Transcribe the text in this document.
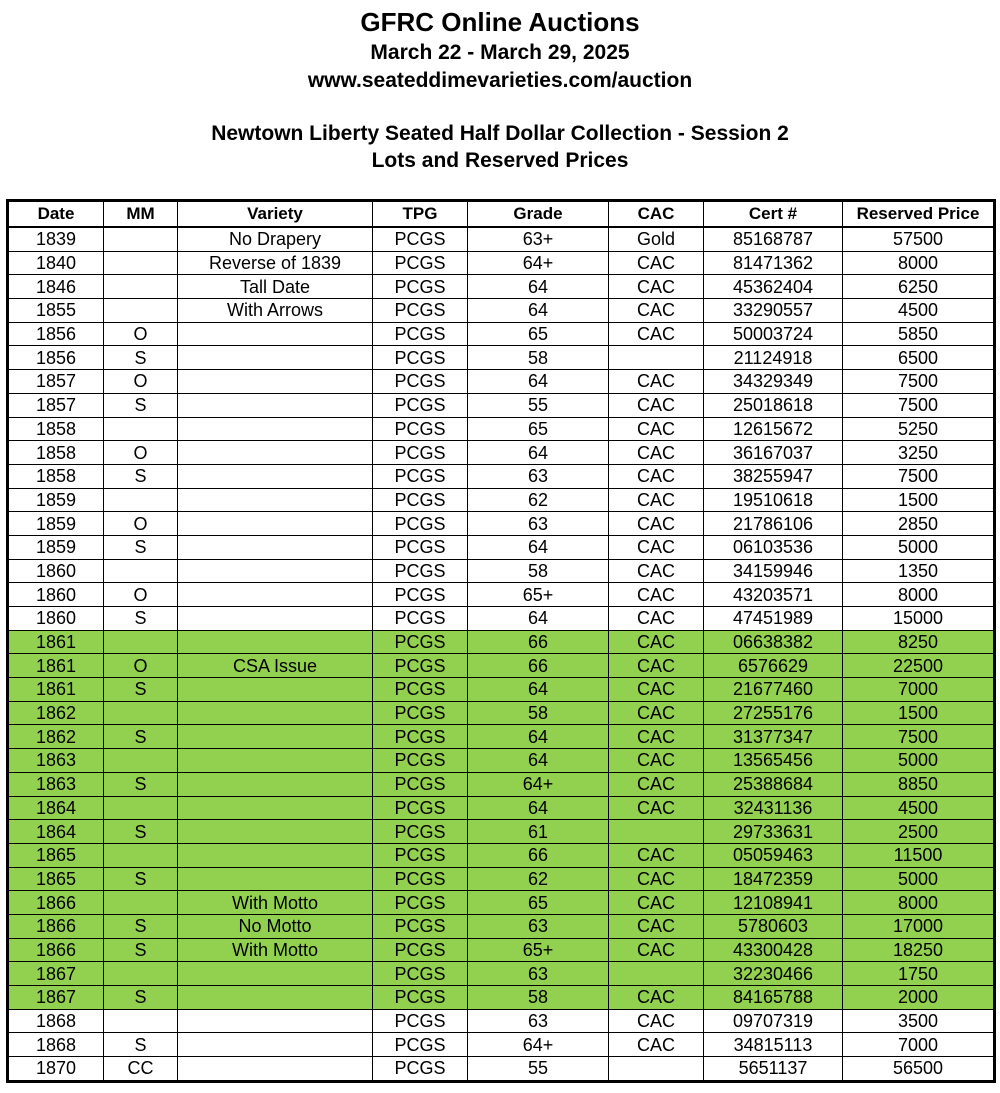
GFRC Online Auctions
March 22 - March 29, 2025
www.seateddimevarieties.com/auction
Newtown Liberty Seated Half Dollar Collection - Session 2
Lots and Reserved Prices
Date	MM	Variety	TPG	Grade	CAC	Cert #	Reserved Price
1839		No Drapery	PCGS	63+	Gold	85168787	57500
1840		Reverse of 1839	PCGS	64+	CAC	81471362	8000
1846		Tall Date	PCGS	64	CAC	45362404	6250
1855		With Arrows	PCGS	64	CAC	33290557	4500
1856	O		PCGS	65	CAC	50003724	5850
1856	S		PCGS	58		21124918	6500
1857	O		PCGS	64	CAC	34329349	7500
1857	S		PCGS	55	CAC	25018618	7500
1858			PCGS	65	CAC	12615672	5250
1858	O		PCGS	64	CAC	36167037	3250
1858	S		PCGS	63	CAC	38255947	7500
1859			PCGS	62	CAC	19510618	1500
1859	O		PCGS	63	CAC	21786106	2850
1859	S		PCGS	64	CAC	06103536	5000
1860			PCGS	58	CAC	34159946	1350
1860	O		PCGS	65+	CAC	43203571	8000
1860	S		PCGS	64	CAC	47451989	15000
1861			PCGS	66	CAC	06638382	8250
1861	O	CSA Issue	PCGS	66	CAC	6576629	22500
1861	S		PCGS	64	CAC	21677460	7000
1862			PCGS	58	CAC	27255176	1500
1862	S		PCGS	64	CAC	31377347	7500
1863			PCGS	64	CAC	13565456	5000
1863	S		PCGS	64+	CAC	25388684	8850
1864			PCGS	64	CAC	32431136	4500
1864	S		PCGS	61		29733631	2500
1865			PCGS	66	CAC	05059463	11500
1865	S		PCGS	62	CAC	18472359	5000
1866		With Motto	PCGS	65	CAC	12108941	8000
1866	S	No Motto	PCGS	63	CAC	5780603	17000
1866	S	With Motto	PCGS	65+	CAC	43300428	18250
1867			PCGS	63		32230466	1750
1867	S		PCGS	58	CAC	84165788	2000
1868			PCGS	63	CAC	09707319	3500
1868	S		PCGS	64+	CAC	34815113	7000
1870	CC		PCGS	55		5651137	56500
